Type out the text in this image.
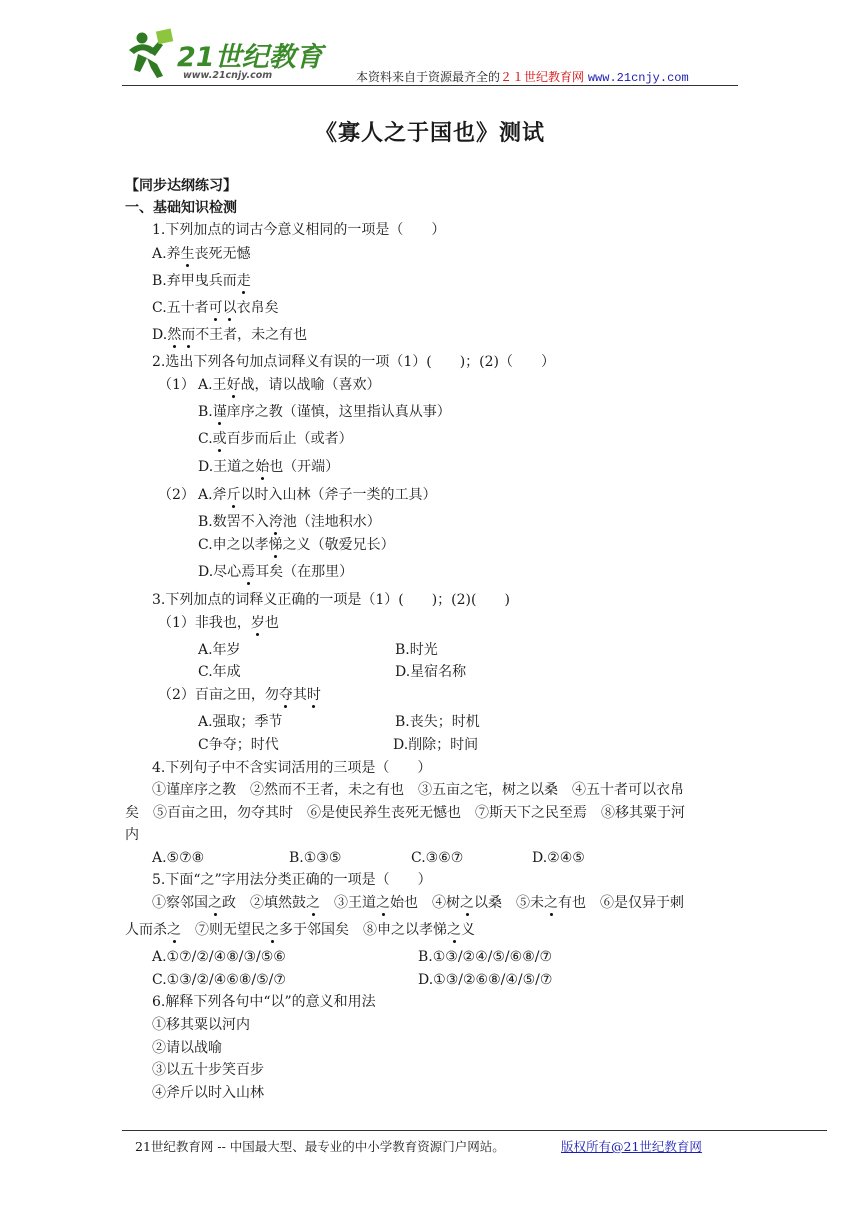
21世纪教育
www.21cnjy.com	本资料来自于资源最齐全的２１世纪教育网 www.21cnjy.com
《寡人之于国也》测试
【同步达纲练习】
一、基础知识检测
1.下列加点的词古今意义相同的一项是（　　）
A.养生丧死无憾
B.弃甲曳兵而走
C.五十者可以衣帛矣
D.然而不王者，未之有也
2.选出下列各句加点词释义有误的一项（1）(　　)；(2)（　　）
（1） A.王好战，请以战喻（喜欢）
B.谨庠序之教（谨慎，这里指认真从事）
C.或百步而后止（或者）
D.王道之始也（开端）
（2） A.斧斤以时入山林（斧子一类的工具）
B.数罟不入洿池（洼地积水）
C.申之以孝悌之义（敬爱兄长）
D.尽心焉耳矣（在那里）
3.下列加点的词释义正确的一项是（1）(　　)；(2)(　　)
（1）非我也，岁也
A.年岁	B.时光
C.年成	D.星宿名称
（2）百亩之田，勿夺其时
A.强取；季节	B.丧失；时机
C争夺；时代	D.削除；时间
4.下列句子中不含实词活用的三项是（　　）
①谨庠序之教　②然而不王者，未之有也　③五亩之宅，树之以桑　④五十者可以衣帛
矣　⑤百亩之田，勿夺其时　⑥是使民养生丧死无憾也　⑦斯天下之民至焉　⑧移其粟于河
内
A.⑤⑦⑧	B.①③⑤	C.③⑥⑦	D.②④⑤
5.下面“之”字用法分类正确的一项是（　　）
①察邻国之政　②填然鼓之　③王道之始也　④树之以桑　⑤未之有也　⑥是仅异于刺
人而杀之　⑦则无望民之多于邻国矣　⑧申之以孝悌之义
A.①⑦/②/④⑧/③/⑤⑥	B.①③/②④/⑤/⑥⑧/⑦
C.①③/②/④⑥⑧/⑤/⑦	D.①③/②⑥⑧/④/⑤/⑦
6.解释下列各句中“以”的意义和用法
①移其粟以河内
②请以战喻
③以五十步笑百步
④斧斤以时入山林
21世纪教育网 -- 中国最大型、最专业的中小学教育资源门户网站。	版权所有@21世纪教育网
